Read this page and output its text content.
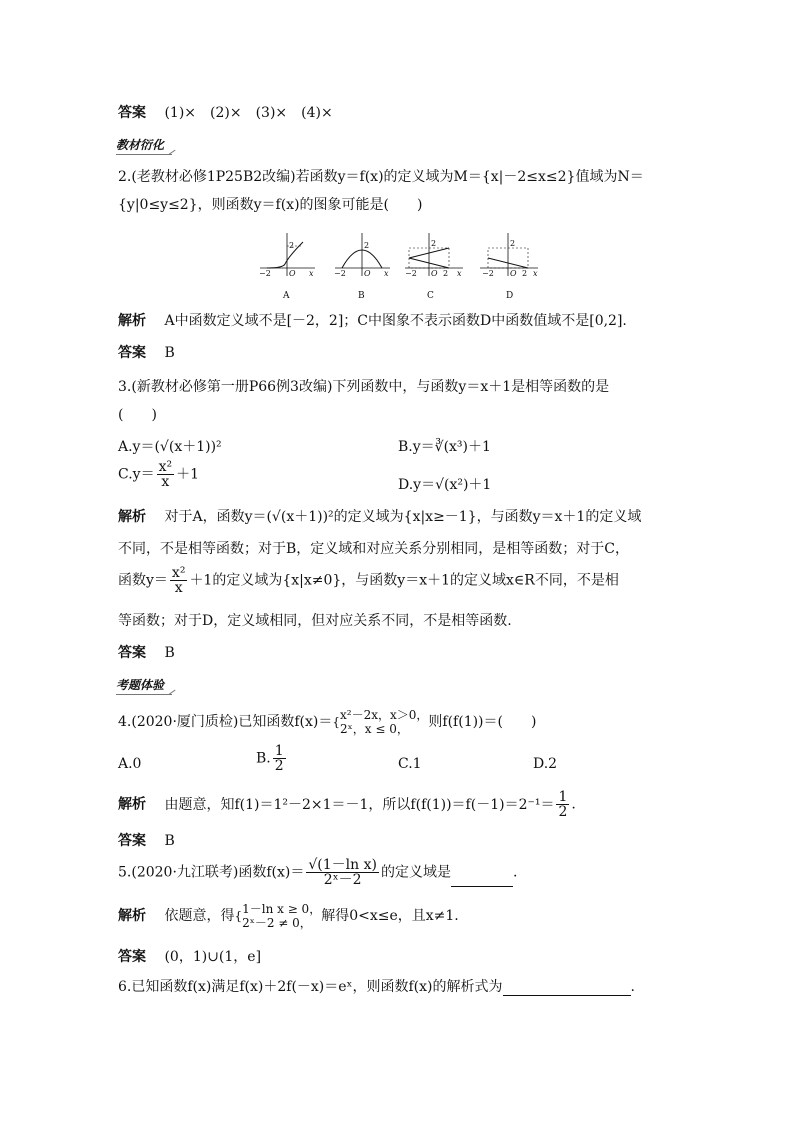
答案 (1)×　(2)×　(3)×　(4)×
教材衍化
2.(老教材必修1P25B2改编)若函数y＝f(x)的定义域为M＝{x|－2≤x≤2}值域为N＝
{y|0≤y≤2}，则函数y＝f(x)的图象可能是(　　)
2
−2 O x
A
2
−2 O x
B
2
−2 O 2 x
C
2
−2 O 2 x
D
解析 A中函数定义域不是[－2，2]；C中图象不表示函数D中函数值域不是[0,2].
答案 B
3.(新教材必修第一册P66例3改编)下列函数中，与函数y＝x＋1是相等函数的是
(　　)
A.y＝(√(x＋1))²	B.y＝∛(x³)＋1
$C.y= \frac{\text{x²}}{x} +1$
D.y＝√(x²)＋1
解析 对于A，函数y＝(√(x＋1))²的定义域为{x|x≥－1}，与函数y＝x＋1的定义域
不同，不是相等函数；对于B，定义域和对应关系分别相同，是相等函数；对于C，
函数$y= \frac{\text{x²}}{x} +1$的定义域为{x|x≠0}，与函数y＝x＋1的定义域x∈R不同，不是相
等函数；对于D，定义域相同，但对应关系不同，不是相等函数.
答案 B
考题体验
4.(2020·厦门质检)已知函数f(x)＝{ x²－2x，x＞0，
2ˣ，x ≤ 0，	则f(f(1))＝(　　)
A.0	B. $\frac{1}{2}$	C.1	D.2
解析 由题意，知f(1)＝1²－2×1＝－1，所以$f(f(1))=f(-1)=2^{-1}= \frac{1}{2}$ .
答案 B
5.(2020·九江联考)函数$f(x)= \frac{\text{√(1－ln x)}}{\text{2ˣ－2}}$ 的定义域是	.
解析 依题意，得{ 1－ln x ≥ 0，
2ˣ－2 ≠ 0， 解得0<x≤e，且x≠1.
答案 (0，1)∪(1，e]
6.已知函数f(x)满足f(x)＋2f(－x)＝eˣ，则函数f(x)的解析式为	.
